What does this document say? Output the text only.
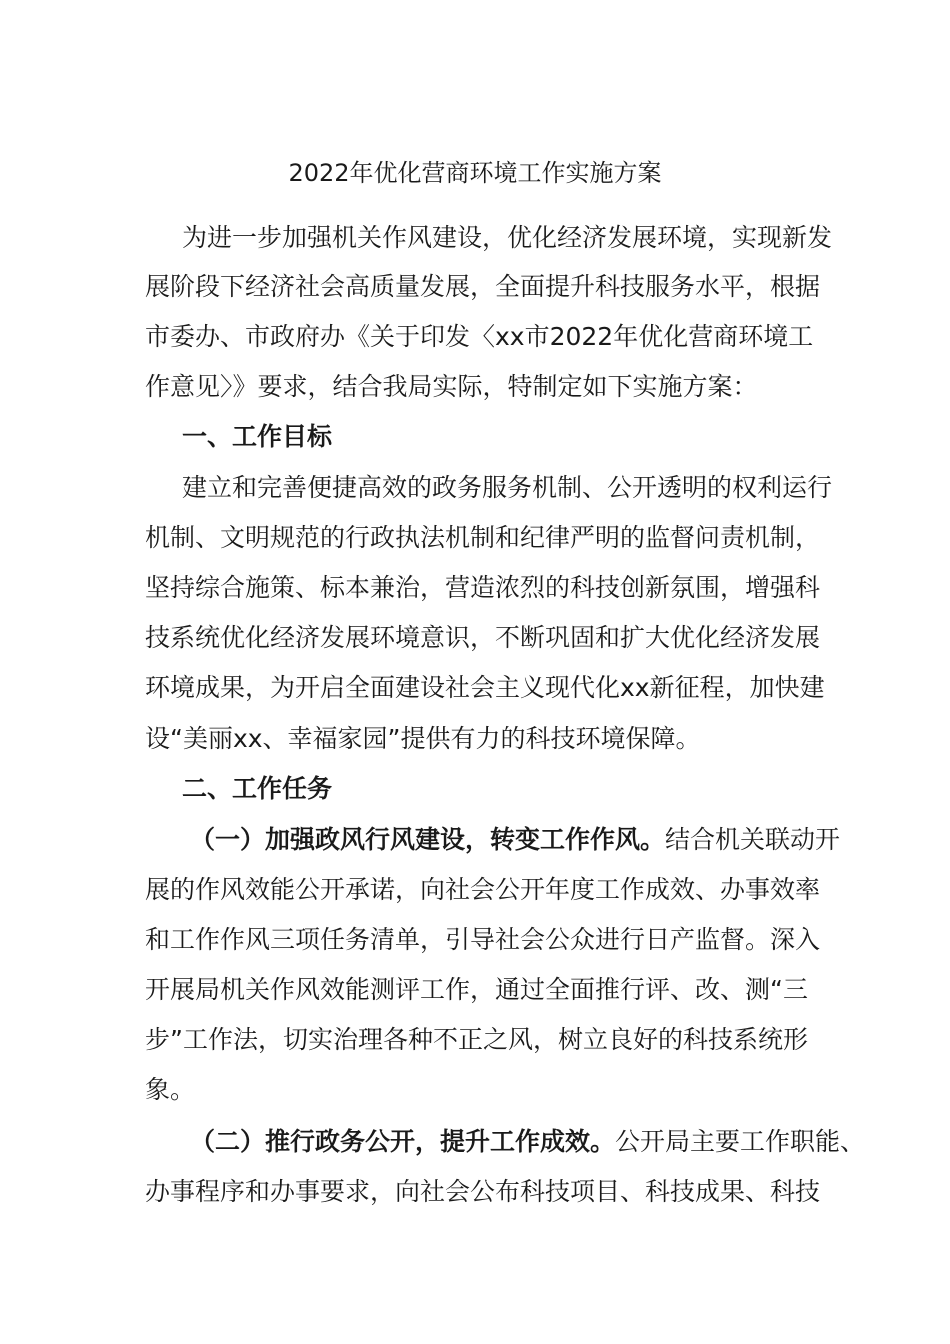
2022年优化营商环境工作实施方案
为进一步加强机关作风建设，优化经济发展环境，实现新发
展阶段下经济社会高质量发展，全面提升科技服务水平，根据
市委办、市政府办《关于印发〈xx市2022年优化营商环境工
作意见〉》要求，结合我局实际，特制定如下实施方案：
一、工作目标
建立和完善便捷高效的政务服务机制、公开透明的权利运行
机制、文明规范的行政执法机制和纪律严明的监督问责机制，
坚持综合施策、标本兼治，营造浓烈的科技创新氛围，增强科
技系统优化经济发展环境意识，不断巩固和扩大优化经济发展
环境成果，为开启全面建设社会主义现代化xx新征程，加快建
设“美丽xx、幸福家园”提供有力的科技环境保障。
二、工作任务
（一）加强政风行风建设，转变工作作风。结合机关联动开
展的作风效能公开承诺，向社会公开年度工作成效、办事效率
和工作作风三项任务清单，引导社会公众进行日产监督。深入
开展局机关作风效能测评工作，通过全面推行评、改、测“三
步”工作法，切实治理各种不正之风，树立良好的科技系统形
象。
（二）推行政务公开，提升工作成效。公开局主要工作职能、
办事程序和办事要求，向社会公布科技项目、科技成果、科技
